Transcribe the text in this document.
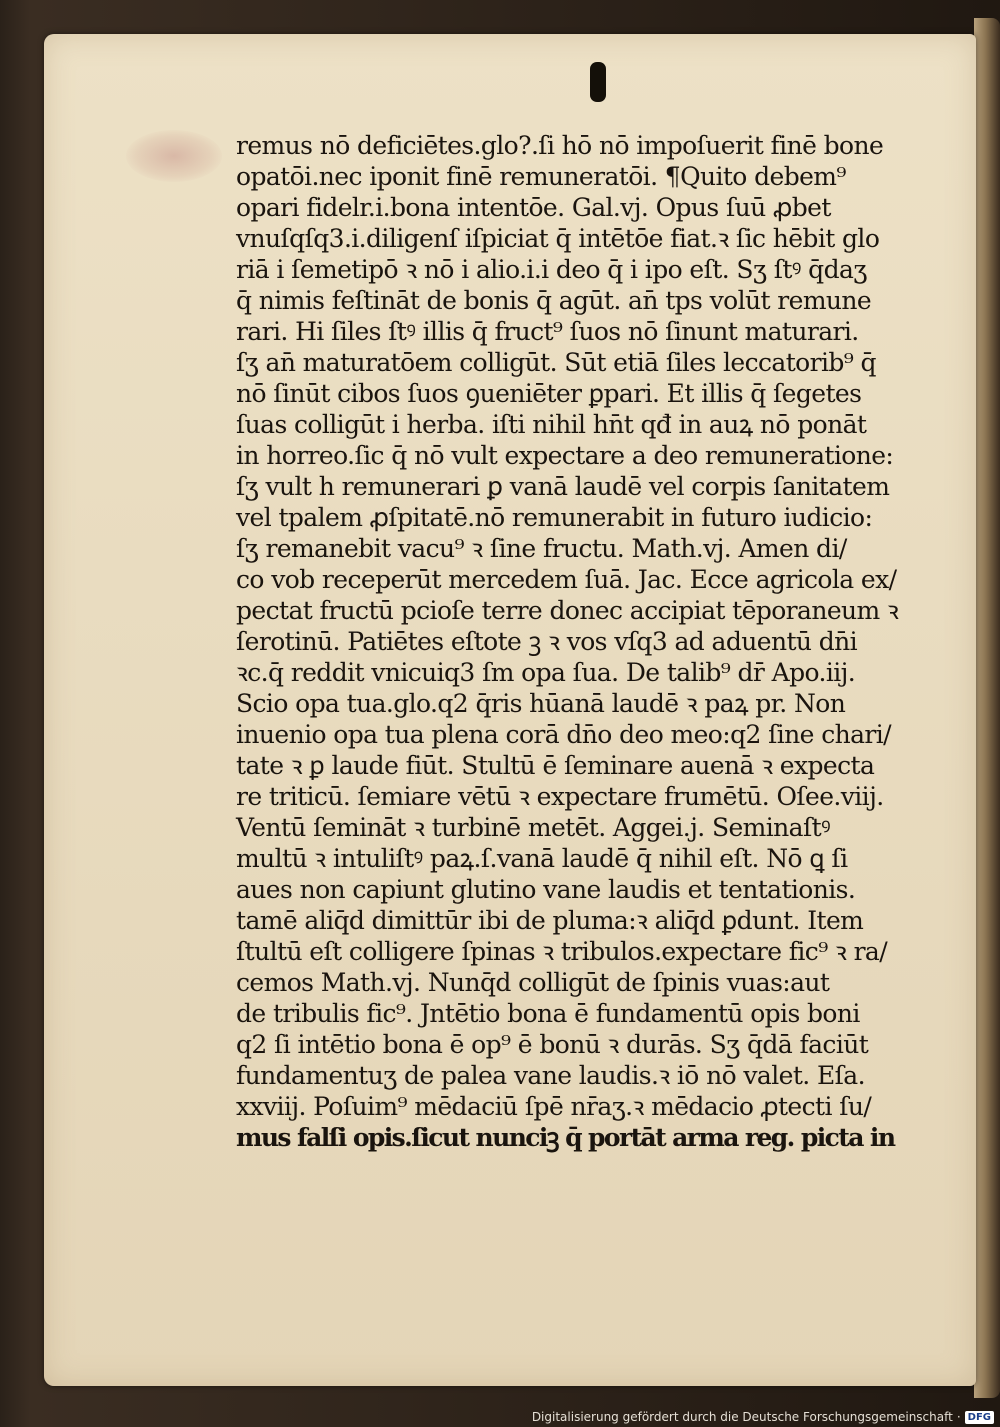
remus nō deficiētes.glo?.ſi hō nō impoſuerit finē bone
opatōi.nec iponit finē remuneratōi. ¶Quito debem⁹
opari fidelr.i.bona intentōe. Gal.vj. Opus ſuū ꝓbet
vnuſqſq3.i.diligenſ iſpiciat q̄ intētōe fiat.ꝛ ſic hēbit glo
riā i ſemetipō ꝛ nō i alio.i.i deo q̄ i ipo eſt. Sʒ ſtꝰ q̄daʒ
q̄ nimis feſtināt de bonis q̄ agūt. an̄ tps volūt remune
rari. Hi ſiles ſtꝰ illis q̄ fruct⁹ ſuos nō ſinunt maturari.
ſʒ an̄ maturatōem colligūt. Sūt etiā ſiles leccatorib⁹ q̄
nō ſinūt cibos ſuos ꝯueniēter ꝑpari. Et illis q̄ ſegetes
ſuas colligūt i herba. iſti nihil hn̄t qđ in auꝝ nō ponāt
in horreo.ſic q̄ nō vult expectare a deo remuneratione:
ſʒ vult h remunerari ꝑ vanā laudē vel corpis ſanitatem
vel tpalem ꝓſpitatē.nō remunerabit in futuro iudicio:
ſʒ remanebit vacu⁹ ꝛ ſine fructu. Math.vj. Amen di/
co vob receperūt mercedem ſuā. Jac. Ecce agricola ex/
pectat fructū pcioſe terre donec accipiat tēporaneum ꝛ
ſerotinū. Patiētes eſtote ꝫ ꝛ vos vſq3 ad aduentū dn̄i
ꝛc.q̄ reddit vnicuiq3 ſm opa ſua. De talib⁹ dr̄ Apo.iij.
Scio opa tua.glo.q2 q̄ris hūanā laudē ꝛ paꝝ pr. Non
inuenio opa tua plena corā dn̄o deo meo:q2 ſine chari/
tate ꝛ ꝑ laude fiūt. Stultū ē ſeminare auenā ꝛ expecta
re triticū. ſemiare vētū ꝛ expectare frumētū. Oſee.viij.
Ventū ſemināt ꝛ turbinē metēt. Aggei.j. Seminaſtꝰ
multū ꝛ intuliſtꝰ paꝝ.ſ.vanā laudē q̄ nihil eſt. Nō ꝗ ſi
aues non capiunt glutino vane laudis et tentationis.
tamē aliq̄d dimittūr ibi de pluma:ꝛ aliq̄d ꝑdunt. Item
ſtultū eſt colligere ſpinas ꝛ tribulos.expectare fic⁹ ꝛ ra/
cemos Math.vj. Nunq̄d colligūt de ſpinis vuas:aut
de tribulis fic⁹. Jntētio bona ē fundamentū opis boni
q2 ſi intētio bona ē op⁹ ē bonū ꝛ durās. Sʒ q̄dā faciūt
fundamentuʒ de palea vane laudis.ꝛ iō nō valet. Eſa.
xxviij. Poſuim⁹ mēdaciū ſpē nr̄aʒ.ꝛ mēdacio ꝓtecti ſu/
mus falſi opis.ſicut nunciꝫ q̄ portāt arma reg. picta in
Digitalisierung gefördert durch die Deutsche Forschungsgemeinschaft · DFG
